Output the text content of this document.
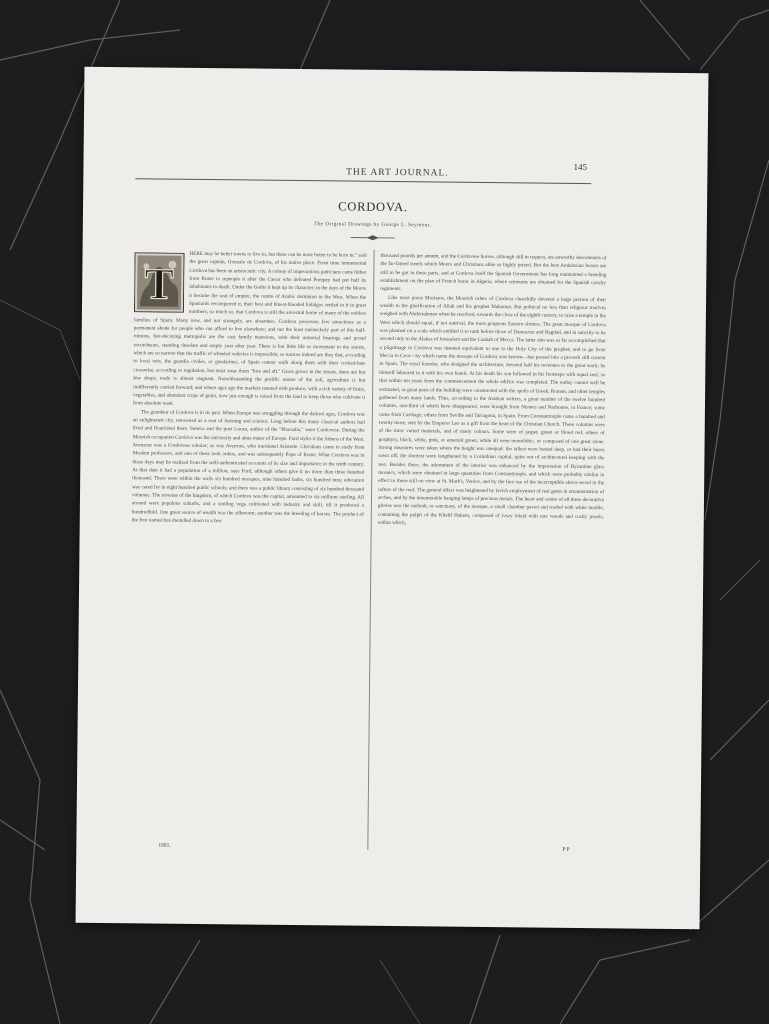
THE ART JOURNAL.
145
CORDOVA.
The Original Drawings by George L. Seymour.
T

HERE may be better towns to live in, but there can be none better to be born in," said the great captain, Gonzalo de Cordova, of his native place. From time immemorial Cordova has been an aristocratic city. A colony of impecunious patricians came hither from Rome to repeople it after the Cæsar who defeated Pompey had put half its inhabitants to death. Under the Goths it kept up its character; in the days of the Moors it became the seat of empire, the centre of Arabic dominion in the West. When the Spaniards reconquered it, their best and bluest-blooded hidalgos settled in it in great numbers; so much so, that Cordova is still the ancestral home of many of the noblest families of Spain. Many now, and not strangely, are absentees. Cordova possesses few attractions as a permanent abode for people who can afford to live elsewhere; and not the least melancholy part of this half-ruinous, fast-decaying metropolis are the vast family mansions, with their armorial bearings and proud escutcheons, standing desolate and empty year after year. There is but little life or movement in the streets, which are so narrow that the traffic of wheeled vehicles is impossible; so narrow indeed are they that, according to local wits, the guardia civiles, or gendarmes, of Spain cannot walk along them with their cocked-hats crosswise, according to regulation, but must wear them "fore and aft." Grass grows in the streets, there are but few shops, trade is almost stagnant. Notwithstanding the prolific nature of the soil, agriculture is but indifferently carried forward; and where ages ago the markets teemed with produce, with a rich variety of fruits, vegetables, and abundant crops of grain, now just enough is raised from the land to keep those who cultivate it from absolute want.

The grandeur of Cordova is in its past. When Europe was struggling through the darkest ages, Cordova was an enlightened city, renowned as a seat of learning and science. Long before this many classical authors had lived and flourished there. Seneca and the poet Lucan, author of the "Pharsalia," were Cordovese. During the Moorish occupation Cordova was the university and alma mater of Europe. Ford styles it the Athens of the West. Avenzoar was a Cordovese scholar; so was Averroes, who translated Aristotle. Christians came to study from Moslem professors, and one of these took orders, and was subsequently Pope of Rome. What Cordova was in those days may be realised from the well-authenticated accounts of its size and importance in the tenth century. At that date it had a population of a million, says Ford, although others give it no more than three hundred thousand. There were within the walls six hundred mosques, nine hundred baths, six hundred inns; education was cared for in eight hundred public schools; and there was a public library consisting of six hundred thousand volumes. The revenue of the kingdom, of which Cordova was the capital, amounted to six millions sterling. All around were populous suburbs, and a smiling vega cultivated with industry and skill, till it produced a hundredfold. One great source of wealth was the silkworm; another was the breeding of horses. The product of the first named has dwindled down to a few

thousand pounds per annum, and the Cordovese horses, although still in request, are unworthy descendants of the far-famed steeds which Moors and Christians alike so highly prized. But the best Andalusian horses are still to be got in these parts, and at Cordova itself the Spanish Government has long maintained a breeding establishment on the plan of French haras in Algeria, where remounts are obtained for the Spanish cavalry regiments.

Like most pious Moslems, the Moorish rulers of Cordova cheerfully devoted a large portion of their wealth to the glorification of Allah and his prophet Mahomet. But political no less than religious motives weighed with Abderrahman when he resolved, towards the close of the eighth century, to raise a temple in the West which should equal, if not outrival, the most gorgeous Eastern shrines. The great mosque of Cordova was planned on a scale which entitled it to rank before those of Damascus and Bagdad, and in sanctity to be second only to the Alaksa of Jerusalem and the Caabah of Mecca. The latter aim was so far accomplished that a pilgrimage to Cordova was deemed equivalent to one to the Holy City of the prophet; and to go from Mecca to Ceca—by which name the mosque of Cordova was known—has passed into a proverb still current in Spain. The royal founder, who designed the architecture, devoted half his revenues to the great work; he himself laboured in it with his own hands. At his death his son followed in his footsteps with equal zeal, so that within ten years from the commencement the whole edifice was completed. The outlay cannot well be estimated, as great parts of the building were constructed with the spoils of Greek, Roman, and other temples gathered from many lands. Thus, according to the Arabian writers, a great number of the twelve hundred columns, one-third of which have disappeared, were brought from Nismes and Narbonne, in France; some came from Carthage; others from Seville and Tarragona, in Spain. From Constantinople came a hundred and twenty more, sent by the Emperor Leo as a gift from the head of the Christian Church. These columns were of the most varied materials, and of many colours. Some were of jasper, green or blood red; others of porphyry, black, white, pink, or emerald green; while all were monolithic, or composed of one great stone. Strong measures were taken where the height was unequal: the tallest were buried deep, or had their bases sawn off; the shortest were lengthened by a Corinthian capital, quite out of architectural keeping with the rest. Besides these, the adornment of the interior was enhanced by the importation of Byzantine glass mosaics, which were obtained in large quantities from Constantinople, and which were probably similar in effect to those still on view at St. Mark's, Venice, and by the free use of the incorruptible alerce-wood in the rafters of the roof. The general effect was heightened by lavish employment of real gems in ornamentation of arches, and by the innumerable hanging lamps of precious metals. The heart and centre of all these decorative glories was the mehrab, or sanctuary, of the mosque, a small chamber paved and roofed with white marble, containing the pulpit of the Khalif Hakem, composed of ivory inlaid with rare woods and costly jewels, within which,

1881.
P P
